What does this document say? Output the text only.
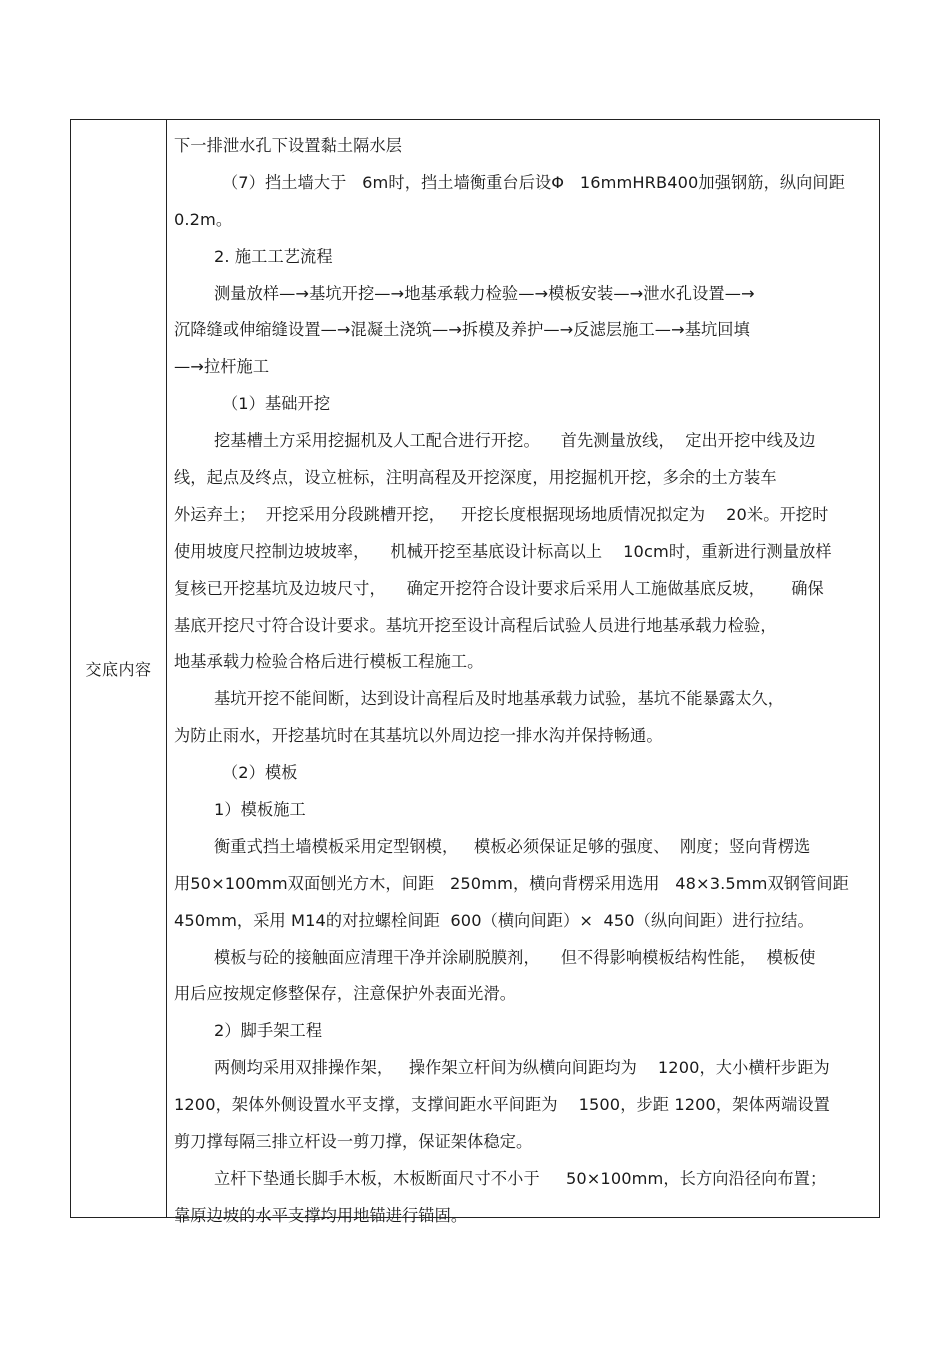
交底内容
下一排泄水孔下设置黏土隔水层
（7）挡土墙大于   6m时，挡土墙衡重台后设Φ   16mmHRB400加强钢筋，纵向间距
0.2m。
2. 施工工艺流程
测量放样—→基坑开挖—→地基承载力检验—→模板安装—→泄水孔设置—→
沉降缝或伸缩缝设置—→混凝土浇筑—→拆模及养护—→反滤层施工—→基坑回填
—→拉杆施工
（1）基础开挖
挖基槽土方采用挖掘机及人工配合进行开挖。    首先测量放线，  定出开挖中线及边
线，起点及终点，设立桩标，注明高程及开挖深度，用挖掘机开挖，多余的土方装车
外运弃土；  开挖采用分段跳槽开挖，   开挖长度根据现场地质情况拟定为    20米。开挖时
使用坡度尺控制边坡坡率，    机械开挖至基底设计标高以上    10cm时，重新进行测量放样
复核已开挖基坑及边坡尺寸，    确定开挖符合设计要求后采用人工施做基底反坡，     确保
基底开挖尺寸符合设计要求。基坑开挖至设计高程后试验人员进行地基承载力检验，
地基承载力检验合格后进行模板工程施工。
基坑开挖不能间断，达到设计高程后及时地基承载力试验，基坑不能暴露太久，
为防止雨水，开挖基坑时在其基坑以外周边挖一排水沟并保持畅通。
（2）模板
1）模板施工
衡重式挡土墙模板采用定型钢模，   模板必须保证足够的强度、  刚度；竖向背楞选
用50×100mm双面刨光方木，间距   250mm，横向背楞采用选用   48×3.5mm双钢管间距
450mm，采用 M14的对拉螺栓间距  600（横向间距）×  450（纵向间距）进行拉结。
模板与砼的接触面应清理干净并涂刷脱膜剂，    但不得影响模板结构性能，  模板使
用后应按规定修整保存，注意保护外表面光滑。
2）脚手架工程
两侧均采用双排操作架，   操作架立杆间为纵横向间距均为    1200，大小横杆步距为
1200，架体外侧设置水平支撑，支撑间距水平间距为    1500，步距 1200，架体两端设置
剪刀撑每隔三排立杆设一剪刀撑，保证架体稳定。
立杆下垫通长脚手木板，木板断面尺寸不小于     50×100mm，长方向沿径向布置；
靠原边坡的水平支撑均用地锚进行锚固。
